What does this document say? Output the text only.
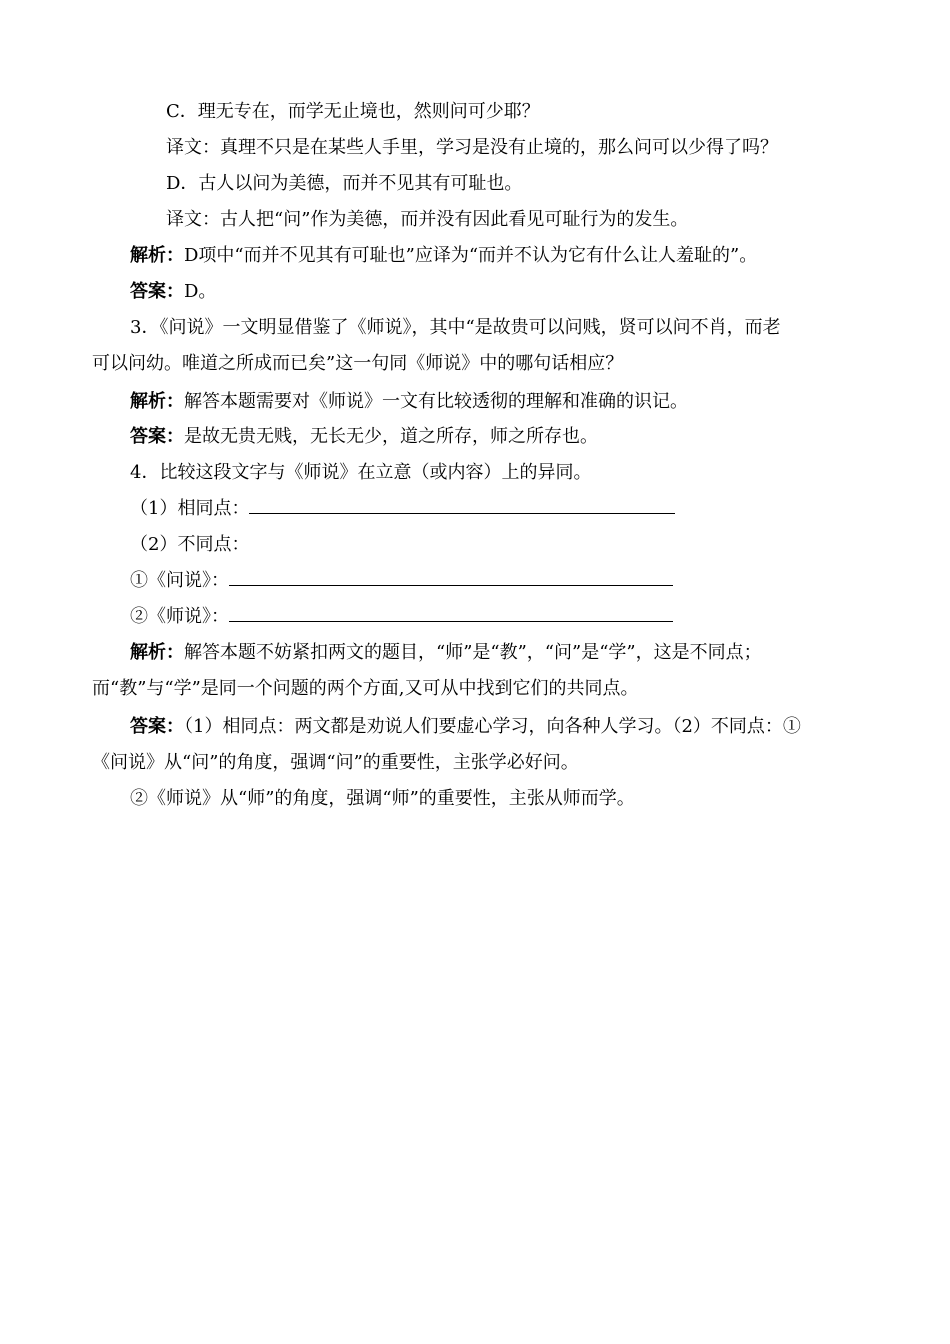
C．理无专在，而学无止境也，然则问可少耶？
译文：真理不只是在某些人手里，学习是没有止境的，那么问可以少得了吗？
D．古人以问为美德，而并不见其有可耻也。
译文：古人把“问”作为美德，而并没有因此看见可耻行为的发生。
解析：D项中“而并不见其有可耻也”应译为“而并不认为它有什么让人羞耻的”。
答案：D。
3．《问说》一文明显借鉴了《师说》，其中“是故贵可以问贱，贤可以问不肖，而老
可以问幼。唯道之所成而已矣”这一句同《师说》中的哪句话相应？
解析：解答本题需要对《师说》一文有比较透彻的理解和准确的识记。
答案：是故无贵无贱，无长无少，道之所存，师之所存也。
4．比较这段文字与《师说》在立意（或内容）上的异同。
（1）相同点：
（2）不同点：
①《问说》：
②《师说》：
解析：解答本题不妨紧扣两文的题目，“师”是“教”，“问”是“学”，这是不同点；
而“教”与“学”是同一个问题的两个方面,又可从中找到它们的共同点。
答案：（1）相同点：两文都是劝说人们要虚心学习，向各种人学习。（2）不同点：①
《问说》从“问”的角度，强调“问”的重要性，主张学必好问。
②《师说》从“师”的角度，强调“师”的重要性，主张从师而学。
